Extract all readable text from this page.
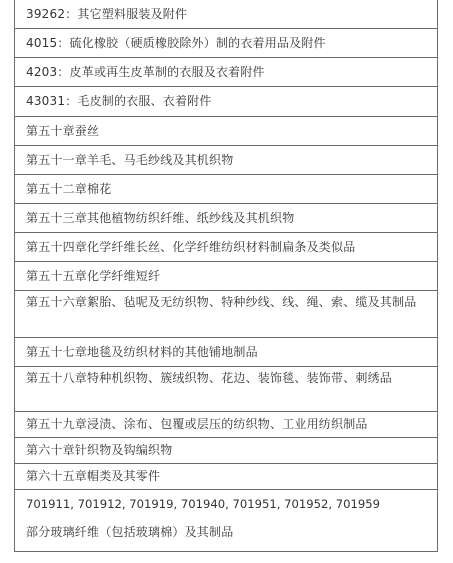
39262：其它塑料服装及附件
4015：硫化橡胶（硬质橡胶除外）制的衣着用品及附件
4203：皮革或再生皮革制的衣服及衣着附件
43031：毛皮制的衣服、衣着附件
第五十章蚕丝
第五十一章羊毛、马毛纱线及其机织物
第五十二章棉花
第五十三章其他植物纺织纤维、纸纱线及其机织物
第五十四章化学纤维长丝、化学纤维纺织材料制扁条及类似品
第五十五章化学纤维短纤
第五十六章絮胎、毡呢及无纺织物、特种纱线、线、绳、索、缆及其制品
第五十七章地毯及纺织材料的其他铺地制品
第五十八章特种机织物、簇绒织物、花边、装饰毯、装饰带、刺绣品
第五十九章浸渍、涂布、包覆或层压的纺织物、工业用纺织制品
第六十章针织物及钩编织物
第六十五章帽类及其零件
701911, 701912, 701919, 701940, 701951, 701952, 701959
部分玻璃纤维（包括玻璃棉）及其制品
